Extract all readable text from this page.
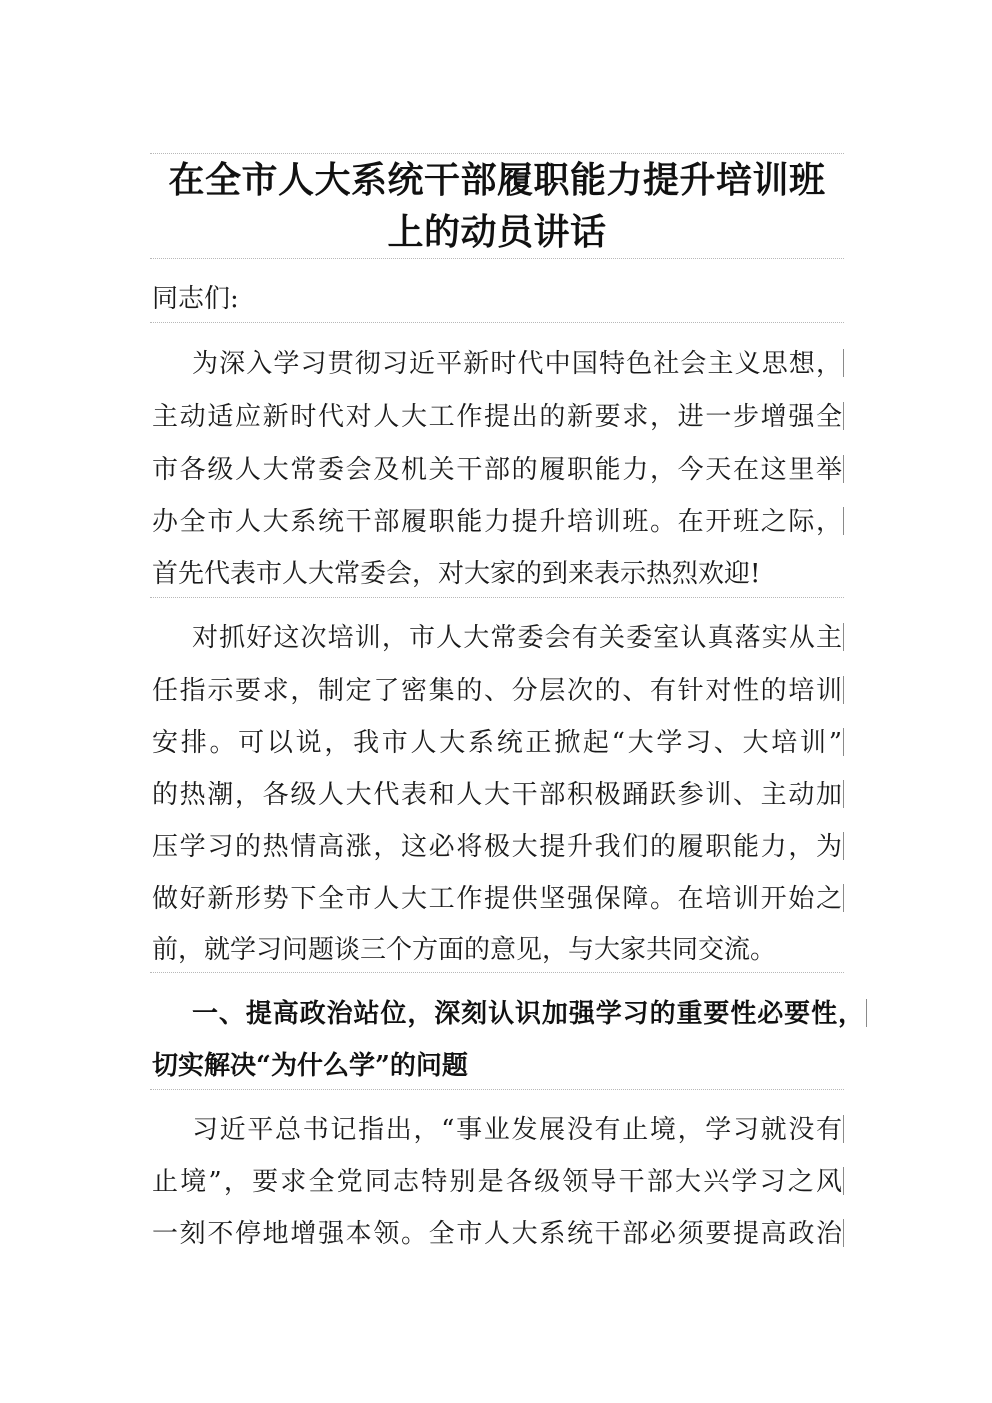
在全市人大系统干部履职能力提升培训班
上的动员讲话
同志们:
为深入学习贯彻习近平新时代中国特色社会主义思想，
主动适应新时代对人大工作提出的新要求，进一步增强全
市各级人大常委会及机关干部的履职能力，今天在这里举
办全市人大系统干部履职能力提升培训班。在开班之际，
首先代表市人大常委会，对大家的到来表示热烈欢迎!
对抓好这次培训，市人大常委会有关委室认真落实从主
任指示要求，制定了密集的、分层次的、有针对性的培训
安排。可以说，我市人大系统正掀起“大学习、大培训”
的热潮，各级人大代表和人大干部积极踊跃参训、主动加
压学习的热情高涨，这必将极大提升我们的履职能力，为
做好新形势下全市人大工作提供坚强保障。在培训开始之
前，就学习问题谈三个方面的意见，与大家共同交流。
一、提高政治站位，深刻认识加强学习的重要性必要性，
切实解决“为什么学”的问题
习近平总书记指出，“事业发展没有止境，学习就没有
止境”，要求全党同志特别是各级领导干部大兴学习之风
一刻不停地增强本领。全市人大系统干部必须要提高政治
